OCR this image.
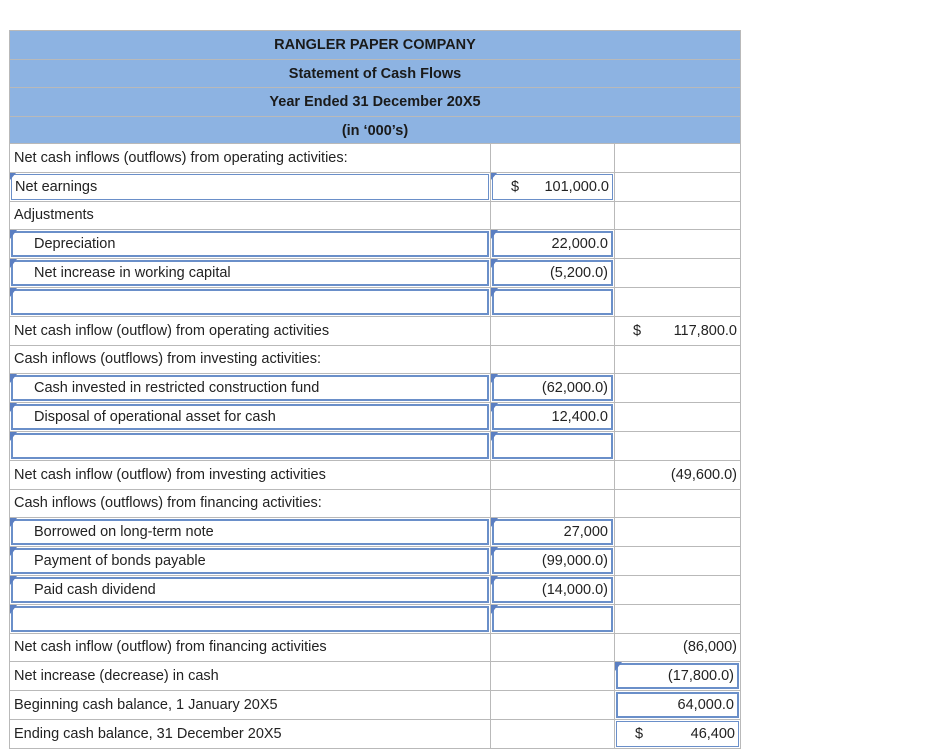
RANGLER PAPER COMPANY
Statement of Cash Flows
Year Ended 31 December 20X5
(in ‘000’s)
Net cash inflows (outflows) from operating activities:
Net earnings	$ 101,000.0
Adjustments
Depreciation	22,000.0
Net increase in working capital	(5,200.0)
Net cash inflow (outflow) from operating activities	$ 117,800.0
Cash inflows (outflows) from investing activities:
Cash invested in restricted construction fund	(62,000.0)
Disposal of operational asset for cash	12,400.0
Net cash inflow (outflow) from investing activities	(49,600.0)
Cash inflows (outflows) from financing activities:
Borrowed on long-term note	27,000
Payment of bonds payable	(99,000.0)
Paid cash dividend	(14,000.0)
Net cash inflow (outflow) from financing activities	(86,000)
Net increase (decrease) in cash	(17,800.0)
Beginning cash balance, 1 January 20X5	64,000.0
Ending cash balance, 31 December 20X5	$	46,400
